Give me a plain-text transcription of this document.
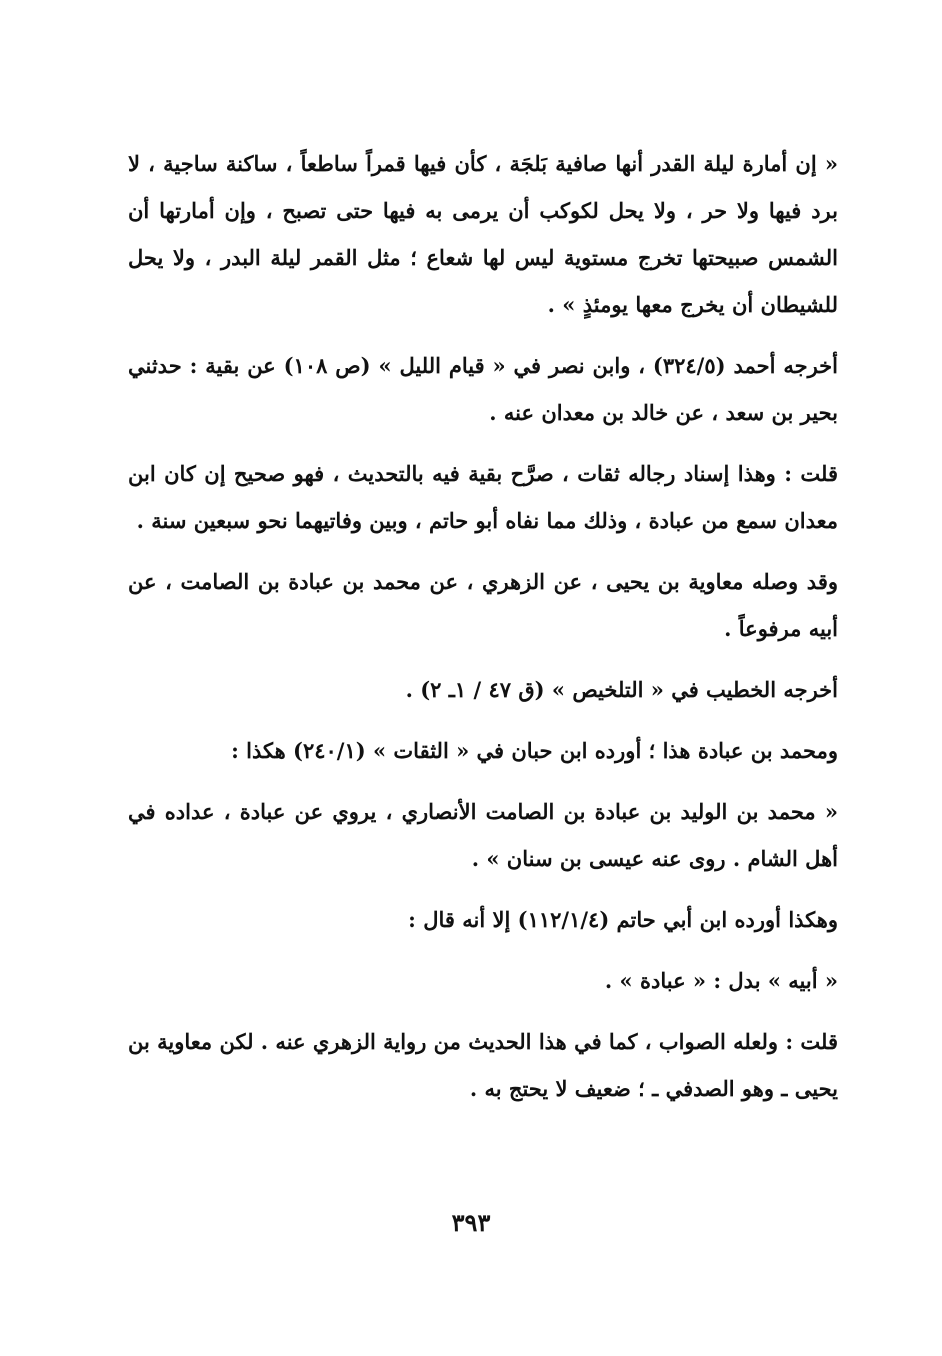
« إن أمارة ليلة القدر أنها صافية بَلجَة ، كأن فيها قمراً ساطعاً ، ساكنة ساجية ، لا برد فيها ولا حر ، ولا يحل لكوكب أن يرمى به فيها حتى تصبح ، وإن أمارتها أن الشمس صبيحتها تخرج مستوية ليس لها شعاع ؛ مثل القمر ليلة البدر ، ولا يحل للشيطان أن يخرج معها يومئذٍ » .

أخرجه أحمد (٣٢٤/٥) ، وابن نصر في « قيام الليل » (ص ١٠٨) عن بقية : حدثني بحير بن سعد ، عن خالد بن معدان عنه .

قلت : وهذا إسناد رجاله ثقات ، صرَّح بقية فيه بالتحديث ، فهو صحيح إن كان ابن معدان سمع من عبادة ، وذلك مما نفاه أبو حاتم ، وبين وفاتيهما نحو سبعين سنة .

وقد وصله معاوية بن يحيى ، عن الزهري ، عن محمد بن عبادة بن الصامت ، عن أبيه مرفوعاً .

أخرجه الخطيب في « التلخيص » (ق ٤٧ / ١ـ ٢) .

ومحمد بن عبادة هذا ؛ أورده ابن حبان في « الثقات » (٢٤٠/١) هكذا :

« محمد بن الوليد بن عبادة بن الصامت الأنصاري ، يروي عن عبادة ، عداده في أهل الشام . روى عنه عيسى بن سنان » .

وهكذا أورده ابن أبي حاتم (١١٢/١/٤) إلا أنه قال :

« أبيه » بدل : « عبادة » .

قلت : ولعله الصواب ، كما في هذا الحديث من رواية الزهري عنه . لكن معاوية بن يحيى ـ وهو الصدفي ـ ؛ ضعيف لا يحتج به .

٣٩٣
